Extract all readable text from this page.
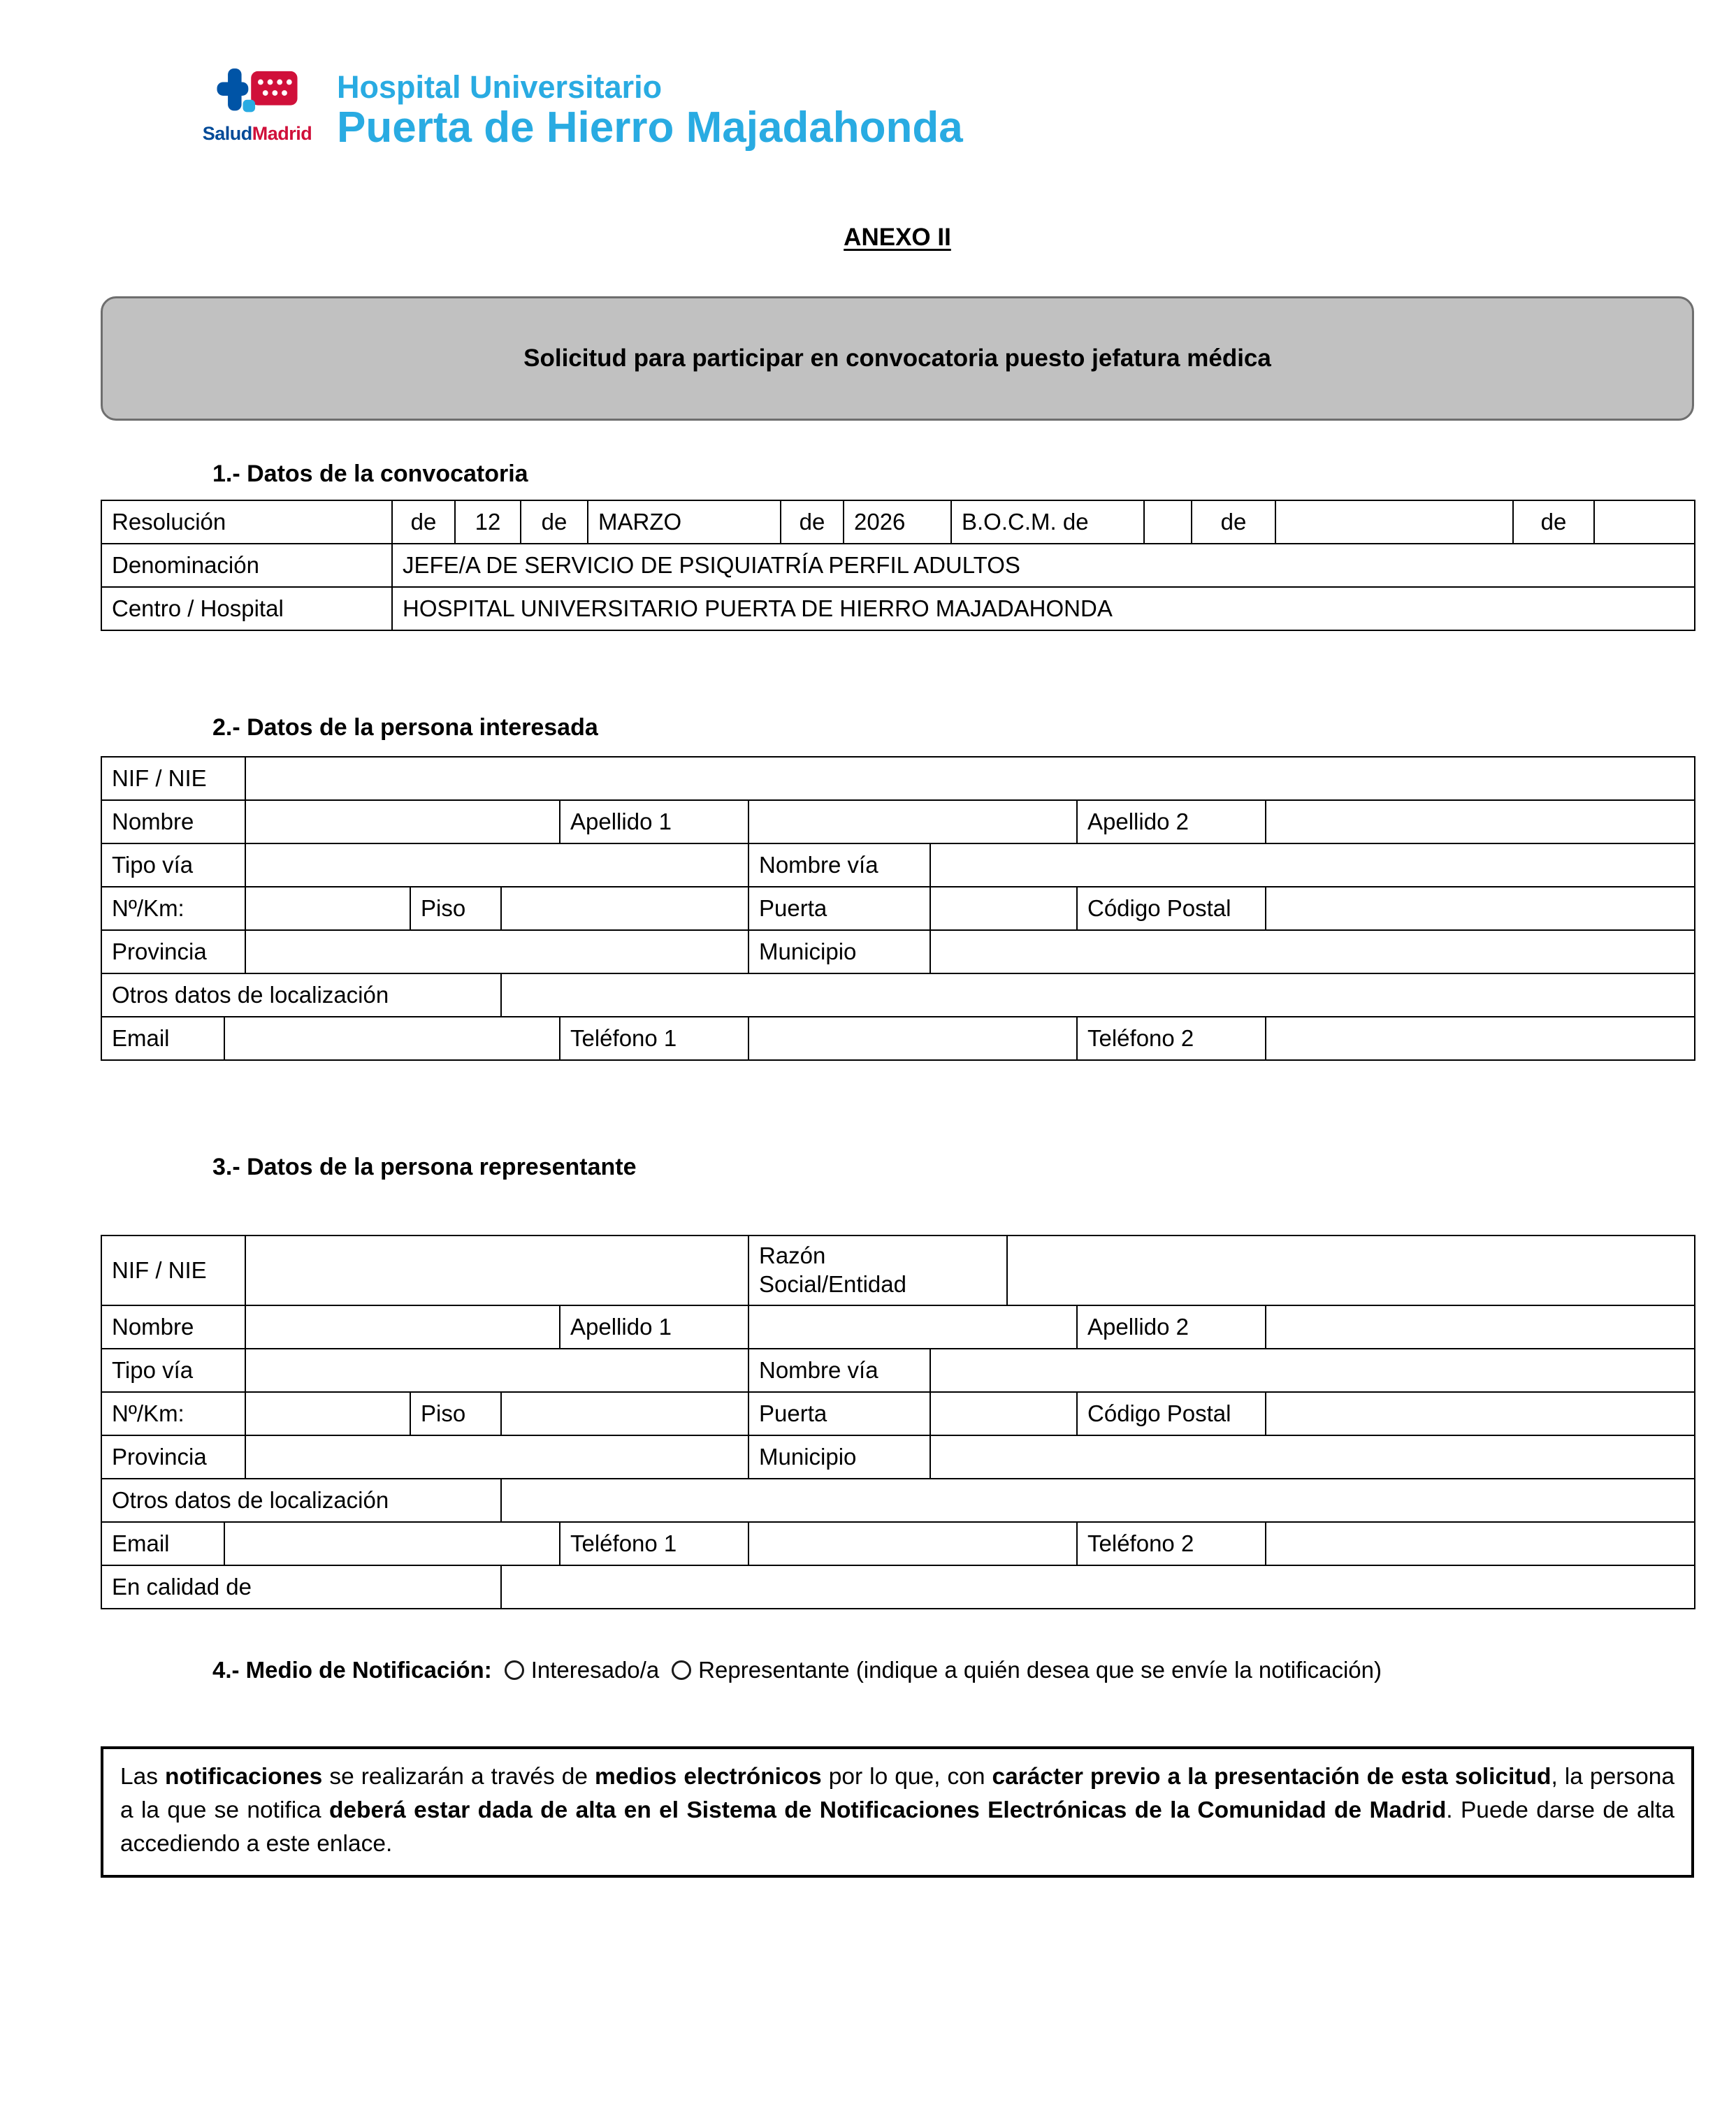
SaludMadrid
Hospital Universitario
Puerta de Hierro Majadahonda
ANEXO II
Solicitud para participar en convocatoria puesto jefatura médica
1.- Datos de la convocatoria
Resolución	de	12	de	MARZO	de	2026	B.O.C.M. de		de		de	
Denominación	JEFE/A DE SERVICIO DE PSIQUIATRÍA PERFIL ADULTOS											
Centro / Hospital	HOSPITAL UNIVERSITARIO PUERTA DE HIERRO MAJADAHONDA											
2.- Datos de la persona interesada
NIF / NIE									
Nombre					Apellido 1			Apellido 2	
Tipo vía						Nombre vía			
Nº/Km:			Piso			Puerta		Código Postal	
Provincia						Municipio			
Otros datos de localización									
Email					Teléfono 1			Teléfono 2	
3.- Datos de la persona representante
NIF / NIE						Razón
Social/Entidad				

Nombre					Apellido 1				Apellido 2	
Tipo vía						Nombre vía				
Nº/Km:			Piso			Puerta			Código Postal	
Provincia						Municipio				
Otros datos de localización										
Email					Teléfono 1				Teléfono 2	
En calidad de										

4.- Medio de Notificación: Interesado/a Representante (indique a quién desea que se envíe la notificación)

Las notificaciones se realizarán a través de medios electrónicos por lo que, con carácter previo a la presentación de esta solicitud, la persona a la que se notifica deberá estar dada de alta en el Sistema de Notificaciones Electrónicas de la Comunidad de Madrid. Puede darse de alta accediendo a este enlace.
